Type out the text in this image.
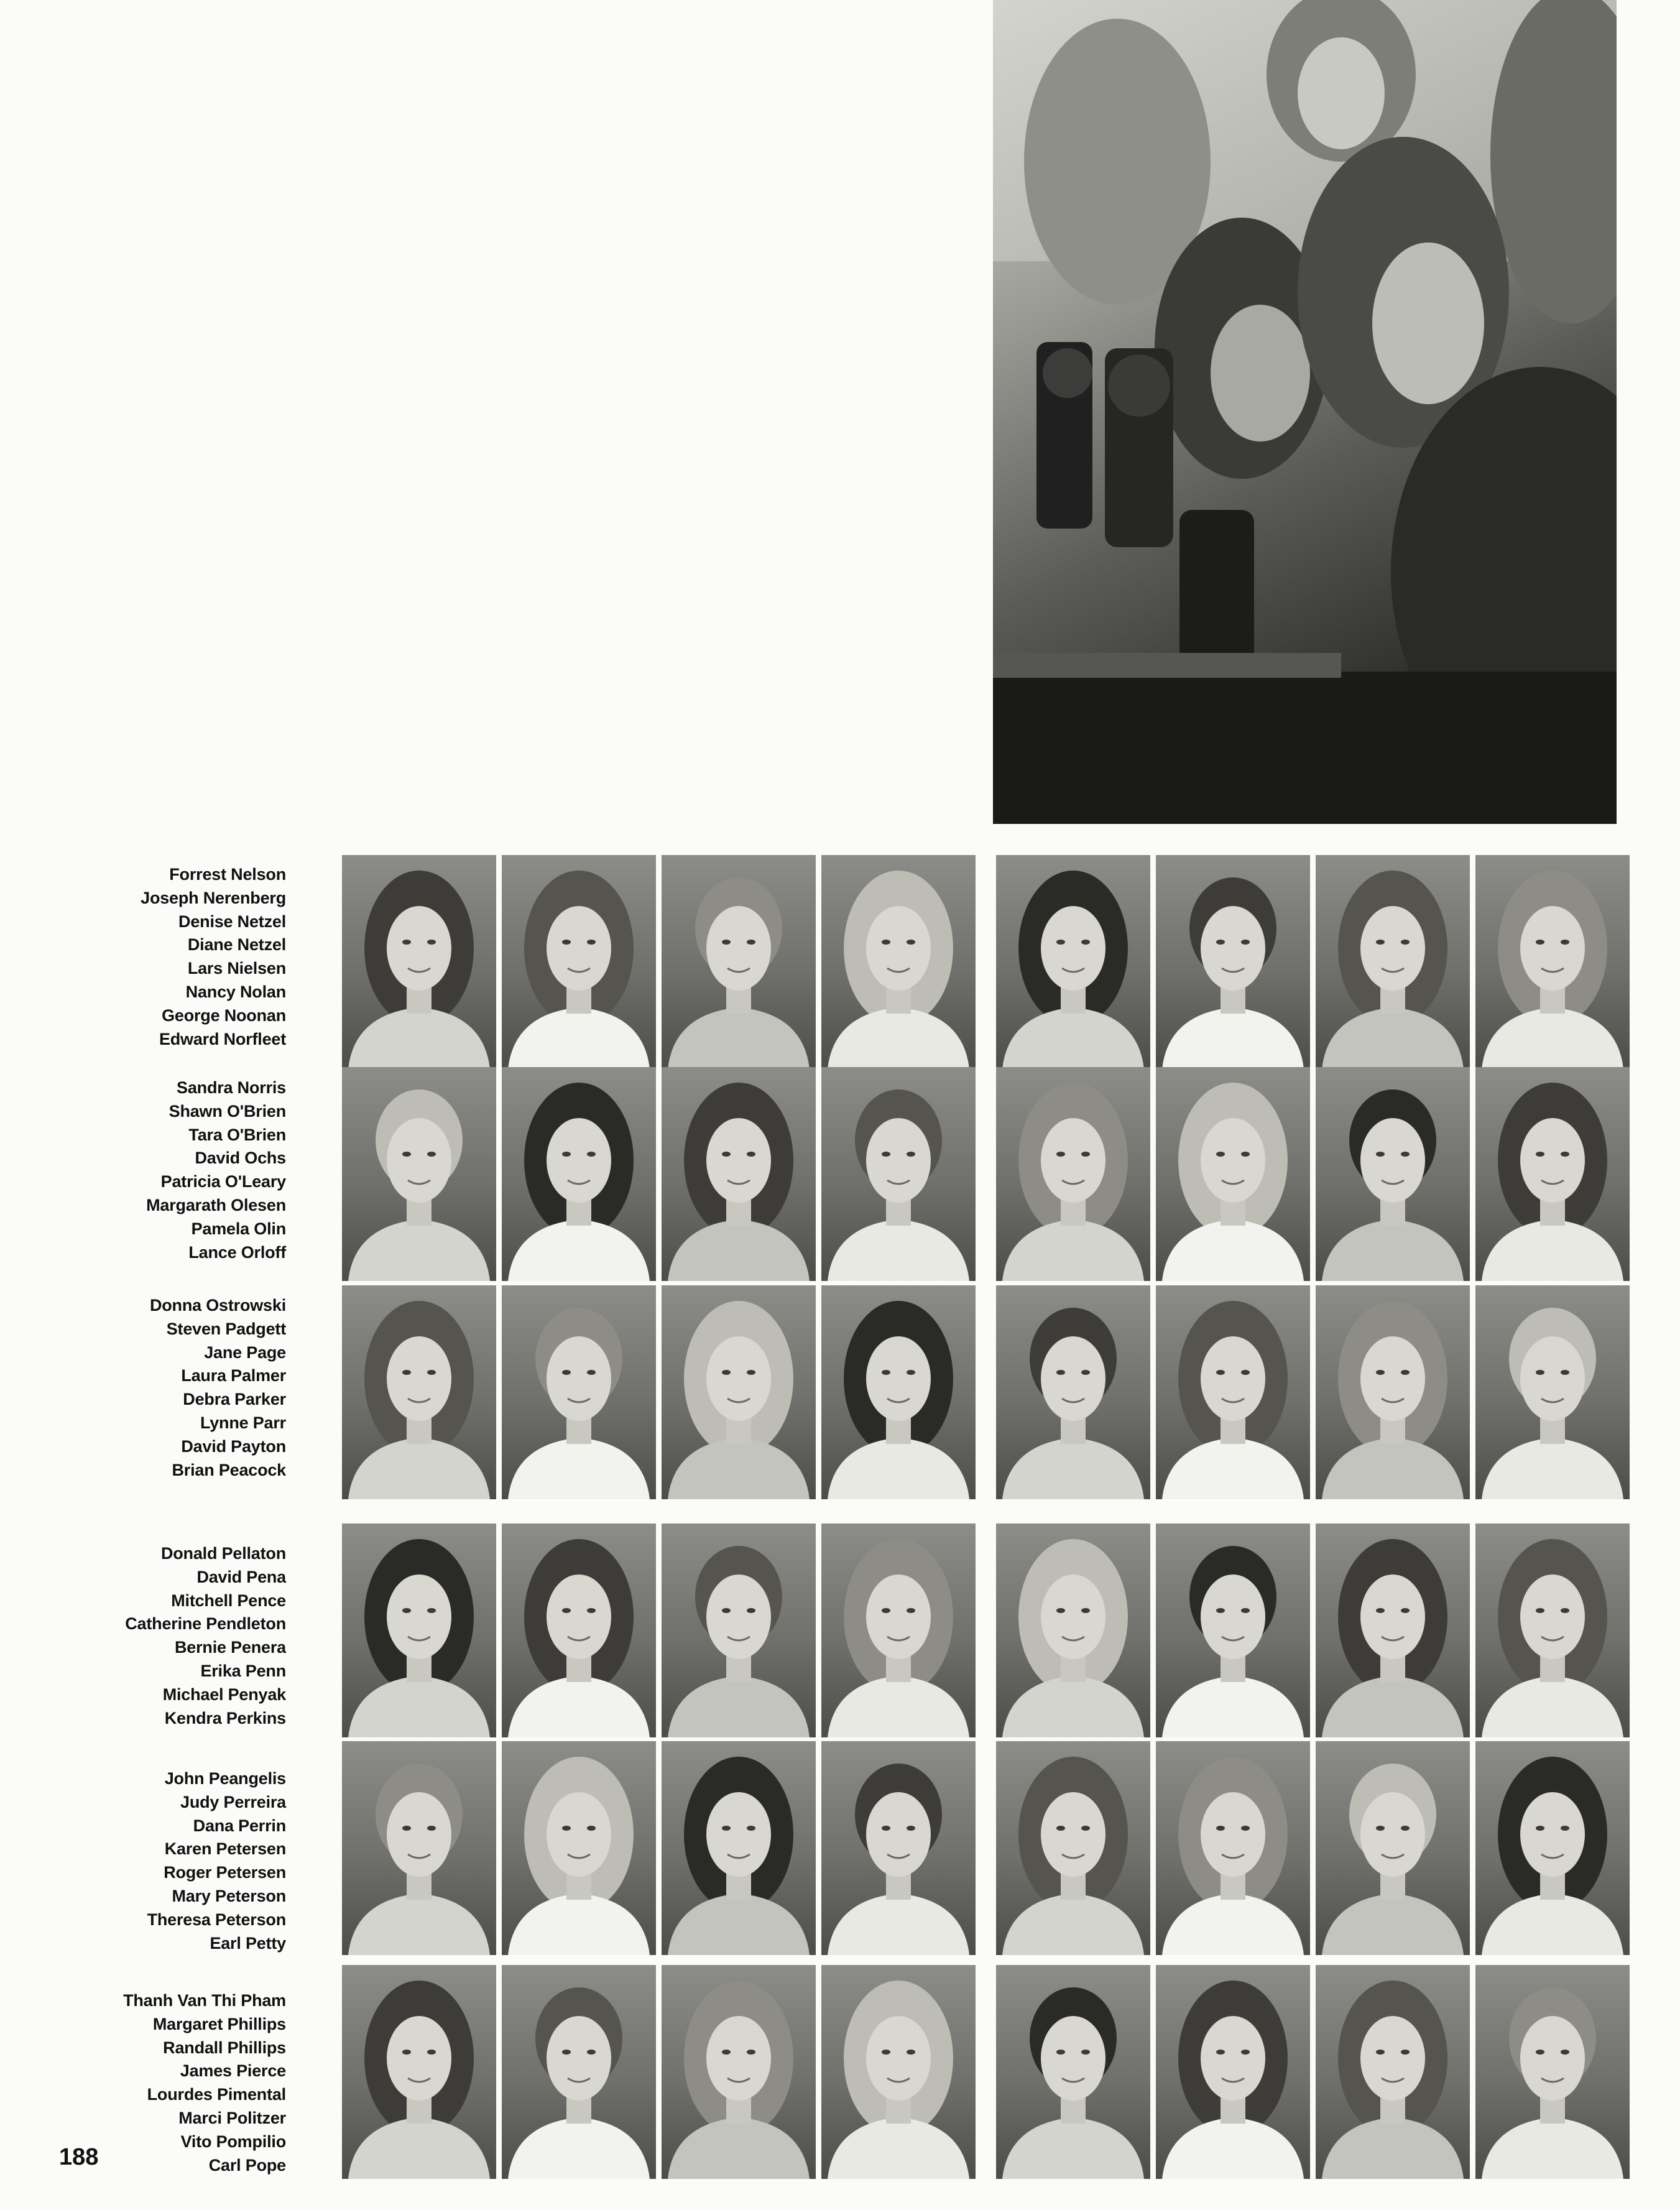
Forrest Nelson
Joseph Nerenberg
Denise Netzel
Diane Netzel
Lars Nielsen
Nancy Nolan
George Noonan
Edward Norfleet
Sandra Norris
Shawn O'Brien
Tara O'Brien
David Ochs
Patricia O'Leary
Margarath Olesen
Pamela Olin
Lance Orloff
Donna Ostrowski
Steven Padgett
Jane Page
Laura Palmer
Debra Parker
Lynne Parr
David Payton
Brian Peacock
Donald Pellaton
David Pena
Mitchell Pence
Catherine Pendleton
Bernie Penera
Erika Penn
Michael Penyak
Kendra Perkins
John Peangelis
Judy Perreira
Dana Perrin
Karen Petersen
Roger Petersen
Mary Peterson
Theresa Peterson
Earl Petty
Thanh Van Thi Pham
Margaret Phillips
Randall Phillips
James Pierce
Lourdes Pimental
Marci Politzer
Vito Pompilio
Carl Pope
188
